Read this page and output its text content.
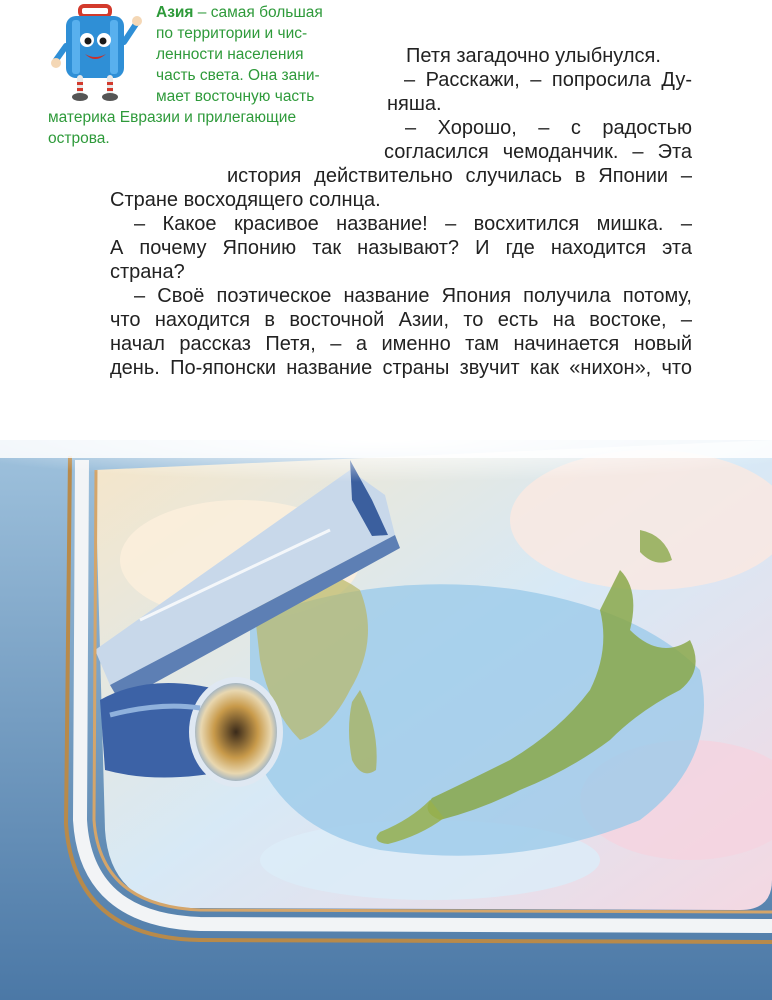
Азия – самая большая

по территории и чис-

ленности населения

часть света. Она зани-

мает восточную часть

материка Евразии и прилегающие

острова.

Петя загадочно улыбнулся.

– Расскажи, – попросила Ду-

няша.

– Хорошо, – с радостью

согласился чемоданчик. – Эта

история действительно случилась в Японии –

Стране восходящего солнца.

– Какое красивое название! – восхитился мишка. –

А почему Японию так называют? И где находится эта

страна?

– Своё поэтическое название Япония получила потому,

что находится в восточной Азии, то есть на востоке, –

начал рассказ Петя, – а именно там начинается новый

день. По-японски название страны звучит как «нихон», что
